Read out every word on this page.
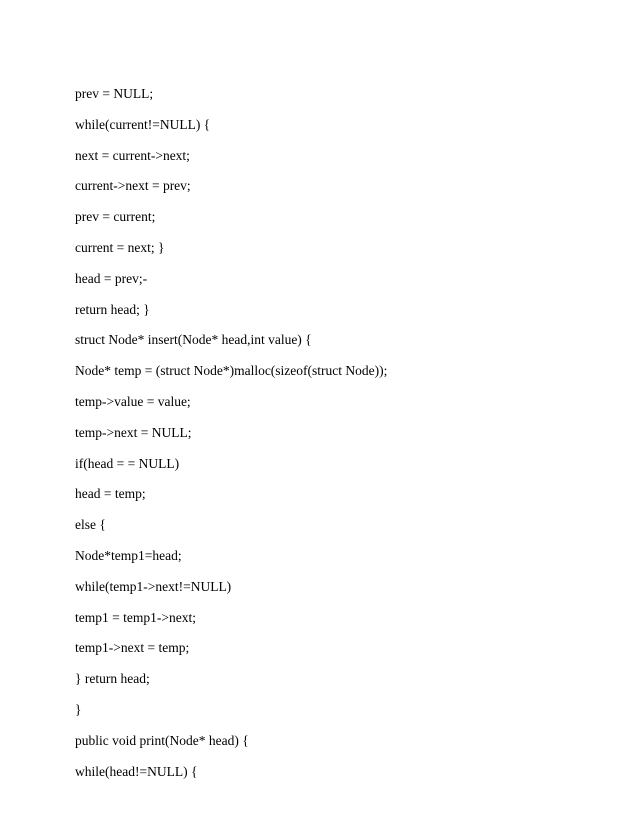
prev = NULL;
while(current!=NULL) {
next = current->next;
current->next = prev;
prev = current;
current = next; }
head = prev;-
return head; }
struct Node* insert(Node* head,int value) {
Node* temp = (struct Node*)malloc(sizeof(struct Node));
temp->value = value;
temp->next = NULL;
if(head = = NULL)
head = temp;
else {
Node*temp1=head;
while(temp1->next!=NULL)
temp1 = temp1->next;
temp1->next = temp;
} return head;
}
public void print(Node* head) {
while(head!=NULL) {
